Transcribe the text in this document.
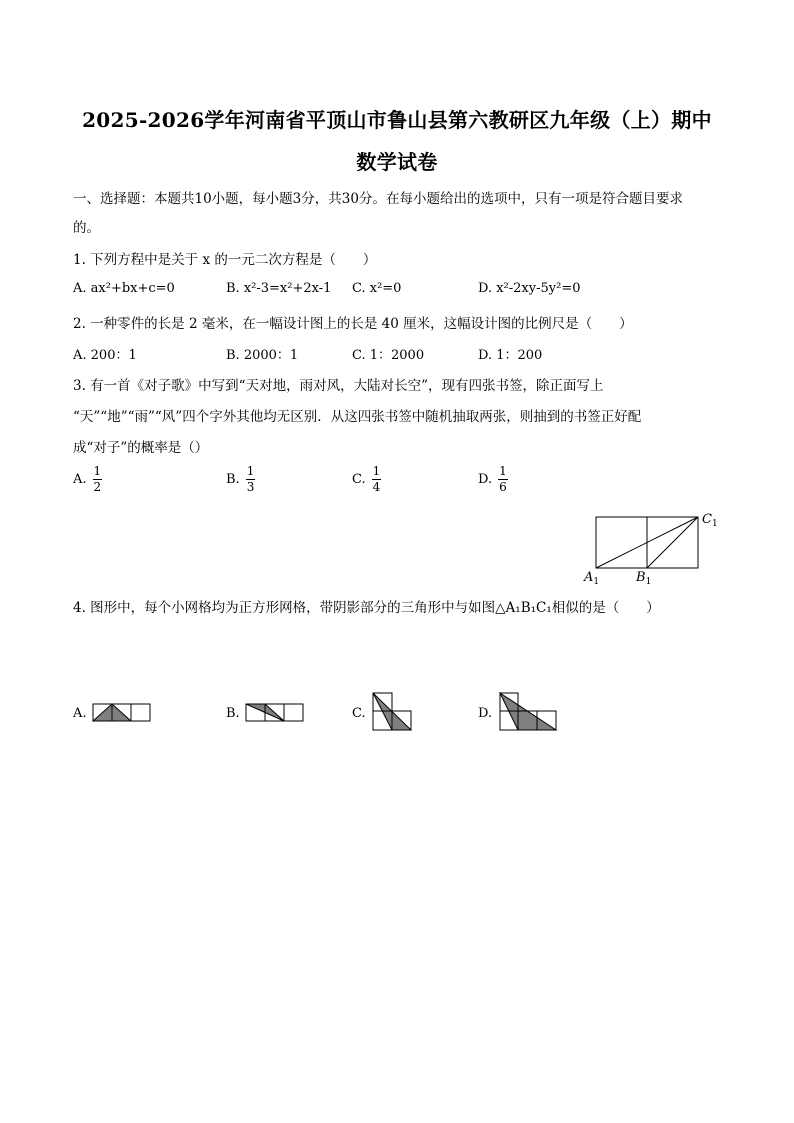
2025-2026学年河南省平顶山市鲁山县第六教研区九年级（上）期中
数学试卷
一、选择题：本题共10小题，每小题3分，共30分。在每小题给出的选项中，只有一项是符合题目要求
的。
1. 下列方程中是关于 x 的一元二次方程是（　　）
A. ax²+bx+c=0	B. x²-3=x²+2x-1 C. x²=0	D. x²-2xy-5y²=0
2. 一种零件的长是 2 毫米，在一幅设计图上的长是 40 厘米，这幅设计图的比例尺是（　　）
A. 200：1	B. 2000：1	C. 1：2000	D. 1：200
3. 有一首《对子歌》中写到“天对地，雨对风，大陆对长空”，现有四张书签，除正面写上
“天”“地”“雨”“风”四个字外其他均无区别．从这四张书签中随机抽取两张，则抽到的书签正好配
成“对子”的概率是（）
A. $\frac{1}{2}$	B. $\frac{1}{3}$	C. $\frac{1}{4}$	D. $\frac{1}{6}$
$C_1$
$A_1$	$B_1$
4. 图形中，每个小网格均为正方形网格，带阴影部分的三角形中与如图△A₁B₁C₁相似的是（　　）
A.	B.	C.	D.
